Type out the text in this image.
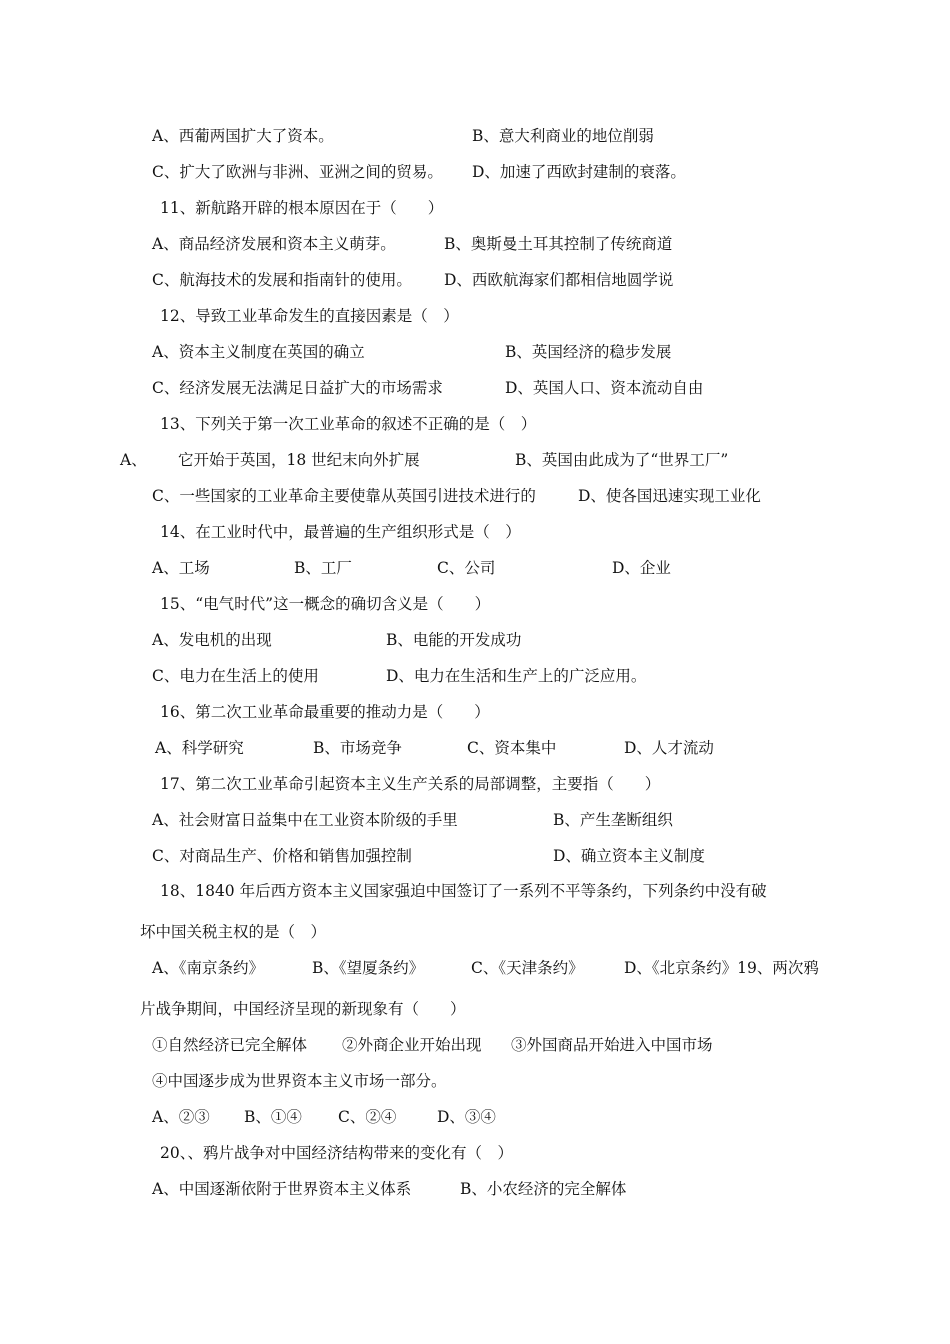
A、西葡两国扩大了资本。	B、意大利商业的地位削弱
C、扩大了欧洲与非洲、亚洲之间的贸易。 D、加速了西欧封建制的衰落。
11、新航路开辟的根本原因在于（　　）
A、商品经济发展和资本主义萌芽。	B、奥斯曼土耳其控制了传统商道
C、航海技术的发展和指南针的使用。 D、西欧航海家们都相信地圆学说
12、导致工业革命发生的直接因素是（　）
A、资本主义制度在英国的确立	B、英国经济的稳步发展
C、经济发展无法满足日益扩大的市场需求	D、英国人口、资本流动自由
13、下列关于第一次工业革命的叙述不正确的是（　）
A、 它开始于英国，18 世纪末向外扩展	B、英国由此成为了“世界工厂”
C、一些国家的工业革命主要使靠从英国引进技术进行的	D、使各国迅速实现工业化
14、在工业时代中，最普遍的生产组织形式是（　）
A、工场	B、工厂	C、公司	D、企业
15、“电气时代”这一概念的确切含义是（　　）
A、发电机的出现	B、电能的开发成功
C、电力在生活上的使用	D、电力在生活和生产上的广泛应用。
16、第二次工业革命最重要的推动力是（　　）
A、科学研究	B、市场竞争	C、资本集中	D、人才流动
17、第二次工业革命引起资本主义生产关系的局部调整，主要指（　　）
A、社会财富日益集中在工业资本阶级的手里	B、产生垄断组织
C、对商品生产、价格和销售加强控制	D、确立资本主义制度
18、1840 年后西方资本主义国家强迫中国签订了一系列不平等条约，下列条约中没有破
坏中国关税主权的是（　）
A、《南京条约》	B、《望厦条约》	C、《天津条约》	D、《北京条约》19、两次鸦
片战争期间，中国经济呈现的新现象有（　　）
①自然经济已完全解体 ②外商企业开始出现 ③外国商品开始进入中国市场
④中国逐步成为世界资本主义市场一部分。
A、②③ B、①④ C、②④	D、③④
20、、鸦片战争对中国经济结构带来的变化有（　）
A、中国逐渐依附于世界资本主义体系	B、小农经济的完全解体
